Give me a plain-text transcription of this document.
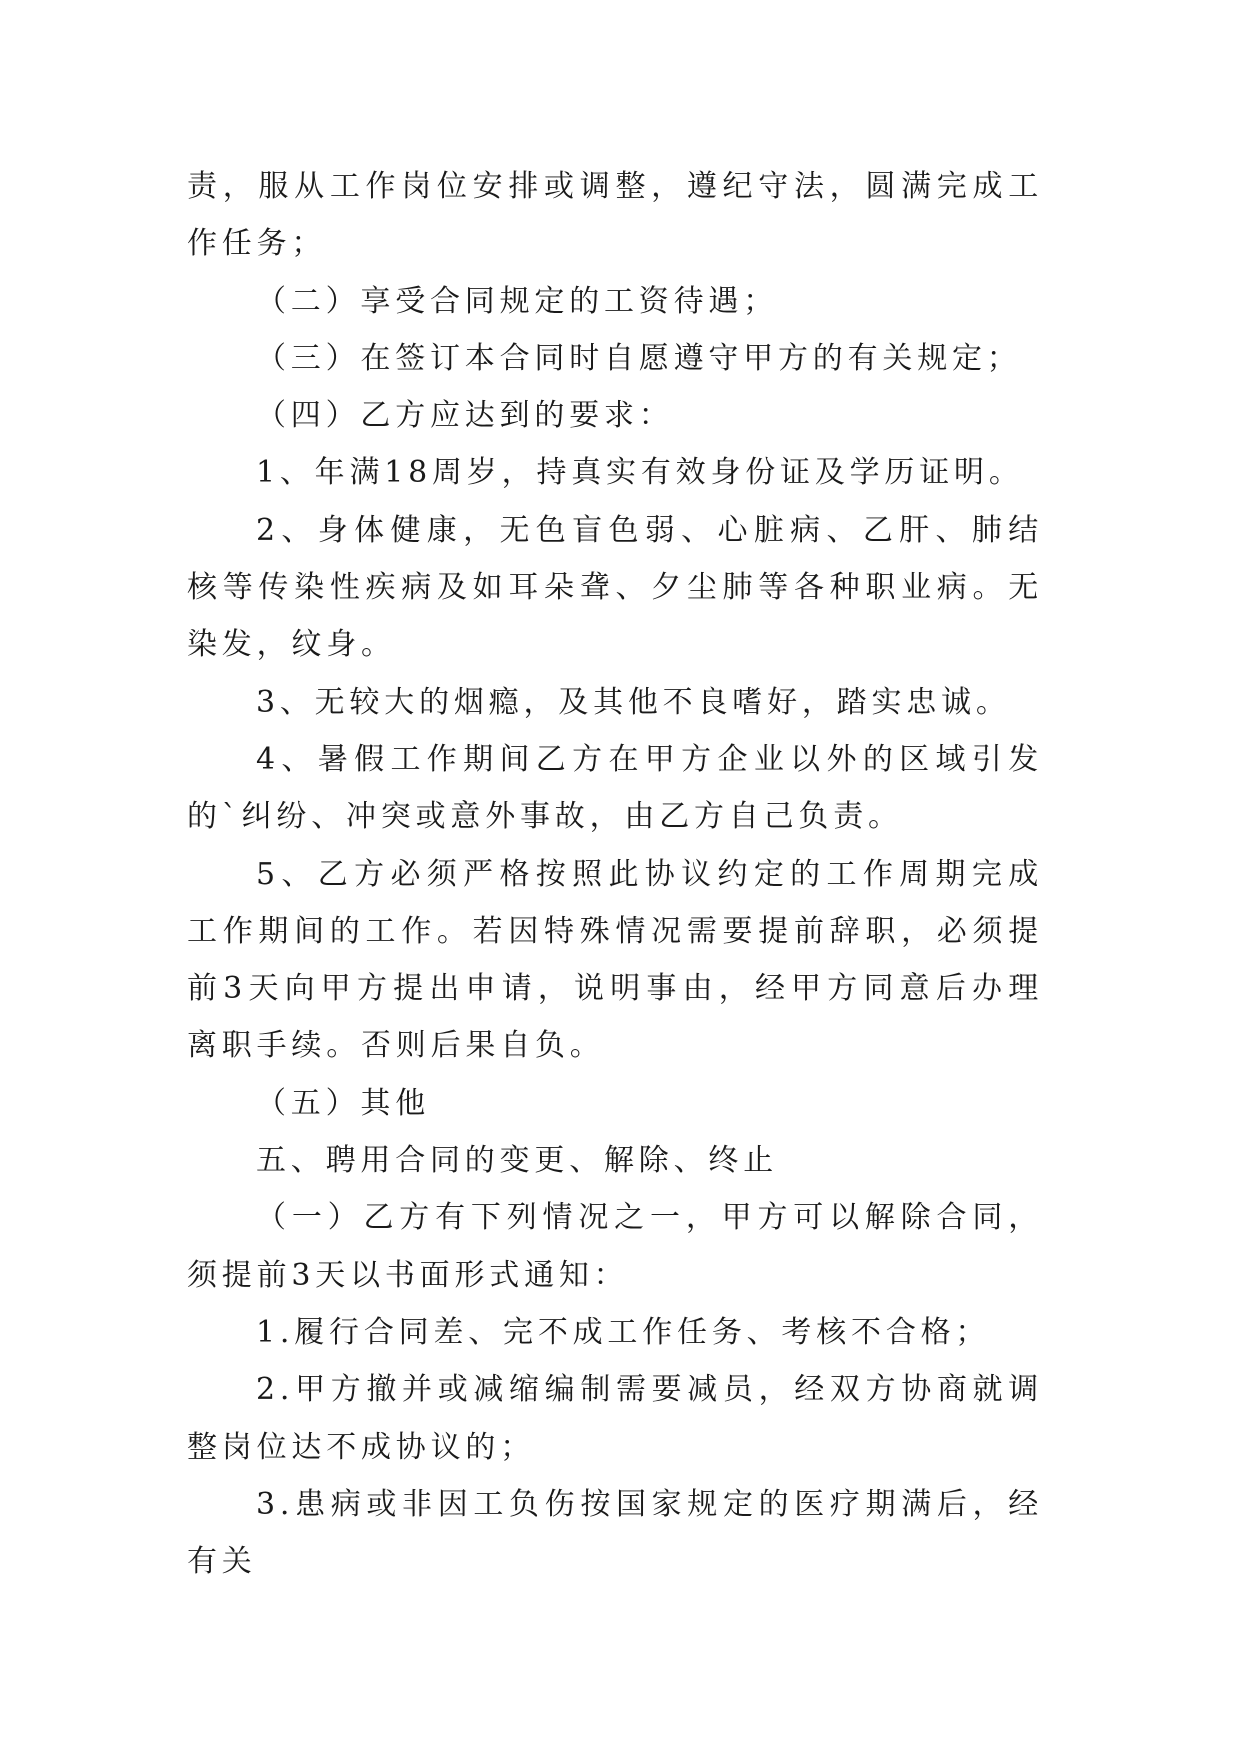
责，服从工作岗位安排或调整，遵纪守法，圆满完成工作任务；

（二）享受合同规定的工资待遇；

（三）在签订本合同时自愿遵守甲方的有关规定；

（四）乙方应达到的要求：

1、年满18周岁，持真实有效身份证及学历证明。

2、身体健康，无色盲色弱、心脏病、乙肝、肺结核等传染性疾病及如耳朵聋、夕尘肺等各种职业病。无染发，纹身。

3、无较大的烟瘾，及其他不良嗜好，踏实忠诚。

4、暑假工作期间乙方在甲方企业以外的区域引发的`纠纷、冲突或意外事故，由乙方自己负责。

5、乙方必须严格按照此协议约定的工作周期完成工作期间的工作。若因特殊情况需要提前辞职，必须提前3天向甲方提出申请，说明事由，经甲方同意后办理离职手续。否则后果自负。

（五）其他

五、聘用合同的变更、解除、终止

（一）乙方有下列情况之一，甲方可以解除合同，须提前3天以书面形式通知：

1.履行合同差、完不成工作任务、考核不合格；

2.甲方撤并或减缩编制需要减员，经双方协商就调整岗位达不成协议的；

3.患病或非因工负伤按国家规定的医疗期满后，经有关
